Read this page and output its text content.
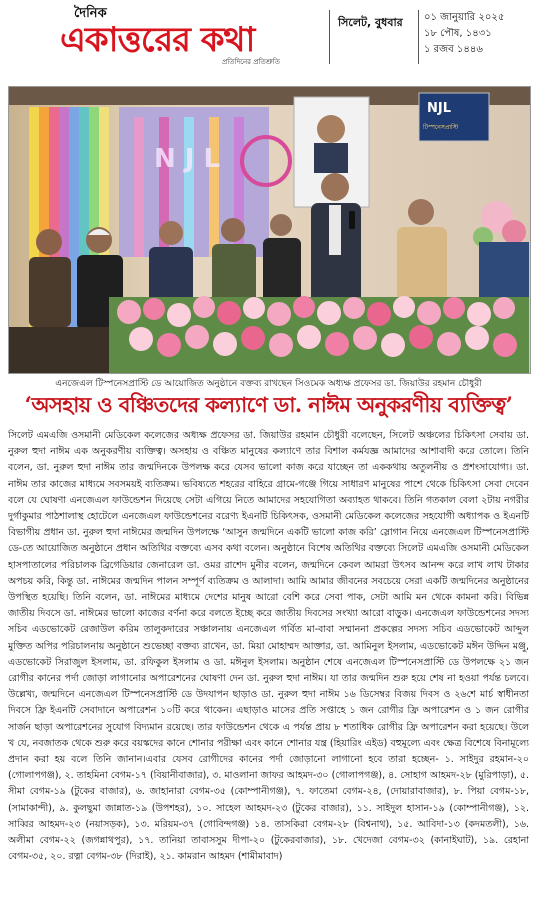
দৈনিক
একাত্তরের কথা
প্রতিদিনের প্রতিশ্রুতি
সিলেট, বুধবার ০১ জানুয়ারি ২০২৫
১৮ পৌষ, ১৪৩১
১ রজব ১৪৪৬
N J L
NJL
টিস্পনেসপ্রাস্টি
এনজেএল টিস্পনেসপ্রাস্টি ডে আয়োজিত অনুষ্ঠানে বক্তব্য রাখছেন সিওমেক অধ্যক্ষ প্রফেসর ডা. জিয়াউর রহমান চৌধুরী
‘অসহায় ও বঞ্চিতদের কল্যাণে ডা. নাঈম অনুকরণীয় ব্যক্তিত্ব’

সিলেট এমএজি ওসমানী মেডিকেল কলেজের অধ্যক্ষ প্রফেসর ডা. জিয়াউর রহমান চৌধুরী বলেছেন, সিলেট অঞ্চলের চিকিৎসা সেবায় ডা. নুরুল হুদা নাঈম এক অনুকরণীয় ব্যক্তিত্ব। অসহায় ও বঞ্চিত মানুষের কল্যাণে তার বিশাল কর্মযজ্ঞ আমাদের আশাবাদী করে তোলে। তিনি বলেন, ডা. নুরুল হুদা নাঈম তার জন্মদিনকে উপলক্ষ করে যেসব ভালো কাজ করে যাচ্ছেন তা এককথায় অতুলনীয় ও প্রশংসাযোগ্য। ডা. নাঈম তার কাজের মাধ্যমে সবসময়ই ব্যতিক্রম। ভবিষ্যতে শহরের বাহিরে গ্রামে-গঞ্জে গিয়ে সাধারণ মানুষের পাশে থেকে চিকিৎসা সেবা দেবেন বলে যে ঘোষণা এনজেএল ফাউন্ডেশন দিয়েছে সেটা এগিয়ে নিতে আমাদের সহযোগিতা অব্যাহত থাকবে। তিনি গতকাল বেলা ২টায় নগরীর দুর্গাকুমার পাঠশালাস্থ হোটেলে এনজেএল ফাউন্ডেশনের বরেণ্য ইএনটি চিকিৎসক, ওসমানী মেডিকেল কলেজের সহযোগী অধ্যাপক ও ইএনটি বিভাগীয় প্রধান ডা. নুরুল হুদা নাঈমের জন্মদিন উপলক্ষে ‘আসুন জন্মদিনে একটি ভালো কাজ করি’ স্লোগান নিয়ে এনজেএল টিস্পনেসপ্রাস্টি ডে-তে আয়োজিত অনুষ্ঠানে প্রধান অতিথির বক্তব্যে এসব কথা বলেন। অনুষ্ঠানে বিশেষ অতিথির বক্তব্যে সিলেট এমএজি ওসমানী মেডিকেল হাসপাতালের পরিচালক ব্রিগেডিয়ার জেনারেল ডা. ওমর রাশেদ মুনীর বলেন, জন্মদিনে কেবল আমরা উৎসব আনন্দ করে লাখ লাখ টাকার অপচয় করি, কিন্তু ডা. নাঈমের জন্মদিন পালন সম্পূর্ণ ব্যতিক্রম ও আলাদা। আমি আমার জীবনের সবচেয়ে সেরা একটি জন্মদিনের অনুষ্ঠানের উপস্থিত হয়েছি। তিনি বলেন, ডা. নাঈমের মাধ্যমে দেশের মানুষ আরো বেশি করে সেবা পাক, সেটা আমি মন থেকে কামনা করি। বিভিন্ন জাতীয় দিবসে ডা. নাঈমের ভালো কাজের বর্ণনা করে বলতে ইচ্ছে করে জাতীয় দিবসের সংখ্যা আরো বাড়ুক। এনজেএল ফাউন্ডেশনের সদস্য সচিব এডভোকেট রেজাউল করিম তালুকদারের সঞ্চালনায় এনজেএল গর্বিত মা-বাবা সম্মাননা প্রকল্পের সদস্য সচিব এডভোকেট আব্দুল মুক্তিত অপির পরিচালনায় অনুষ্ঠানে শুভেচ্ছা বক্তব্য রাখেন, ডা. মিয়া মোহাম্মদ আক্তার, ডা. আমিনুল ইসলাম, এডভোকেট মঈন উদ্দিন মঞ্জু, এডভোকেট সিরাজুল ইসলাম, ডা. রফিকুল ইসলাম ও ডা. মঈনুল ইসলাম। অনুষ্ঠান শেষে এনজেএল টিস্পনেসপ্রাস্টি ডে উপলক্ষে ২১ জন রোগীর কানের পর্দা জোড়া লাগানোর অপারেশনের ঘোষণা দেন ডা. নুরুল হুদা নাঈম। যা তার জন্মদিন শুরু হয়ে শেষ না হওয়া পর্যন্ত চলবে। উল্লেখ্য, জন্মদিনে এনজেএল টিস্পনেসপ্রাস্টি ডে উদযাপন ছাড়াও ডা. নুরুল হুদা নাঈম ১৬ ডিসেম্বর বিজয় দিবস ও ২৬শে মার্চ স্বাধীনতা দিবসে ফ্রি ইএনটি সেবাদানে অপারেশন ১০টি করে থাকেন। এছাড়াও মাসের প্রতি সপ্তাহে ১ জন রোগীর ফ্রি অপারেশন ও ১ জন রোগীর সার্জন ছাড়া অপারেশনের সুযোগ বিদ্যমান রয়েছে। তার ফাউন্ডেশন থেকে এ পর্যন্ত প্রায় ৮ শতাধিক রোগীর ফ্রি অপারেশন করা হয়েছে। উলে খ যে, নবজাতক থেকে শুরু করে বয়স্কদের কানে শোনার পরীক্ষা এবং কানে শোনার যন্ত্র (হিয়ারিং এইড) বহুমূল্যে এবং ক্ষেত্র বিশেষে বিনামূল্যে প্রদান করা হয় বলে তিনি জানান।এবার যেসব রোগীদের কানের পর্দা জোড়ানো লাগানো হবে তারা হচ্ছেন- ১. সাইদুর রহমান-২০ (গোলাপগঞ্জ), ২. তাহমিনা বেগম-১৭ (বিয়ানীবাজার), ৩. মাওলানা জাফর আহমদ-৩০ (গোলাপগঞ্জ), ৪. সোহাগ আহমদ-২৮ (মুরিপাড়া), ৫. সীমা বেগম-১৯ (টুকের বাজার), ৬. জাহানারা বেগম-৩৫ (কোম্পানীগঞ্জ), ৭. ফাতেমা বেগম-২৪, (দোয়ারাবাজার), ৮. পিয়া বেগম-১৮, (সামাকান্দী), ৯. কুলছুমা জান্নাত-১৯ (উপশহর), ১০. সাহেল আহমদ-২৩ (টুকের বাজার), ১১. সাইদুল হাসান-১৯ (কোম্পানীগঞ্জ), ১২. সাব্বির আহমদ-২৩ (নয়াসড়ক), ১৩. মরিয়ম-৩৭ (গোবিন্দগঞ্জ) ১৪. তাসকিরা বেগম-২৮ (বিশ্বনাথ), ১৫. আবিদা-১৩ (কদমতলী), ১৬. অলীমা বেগম-২২ (জগন্নাথপুর), ১৭. তানিয়া তাবাসসুম দীপা-২০ (টুকেরবাজার), ১৮. খেদেজা বেগম-৩২ (কানাইঘাট), ১৯. রেহানা বেগম-৩৫, ২০. রত্না বেগম-৩৮ (দিরাই), ২১. কামরান আহমদ (শামীমাবাদ)
